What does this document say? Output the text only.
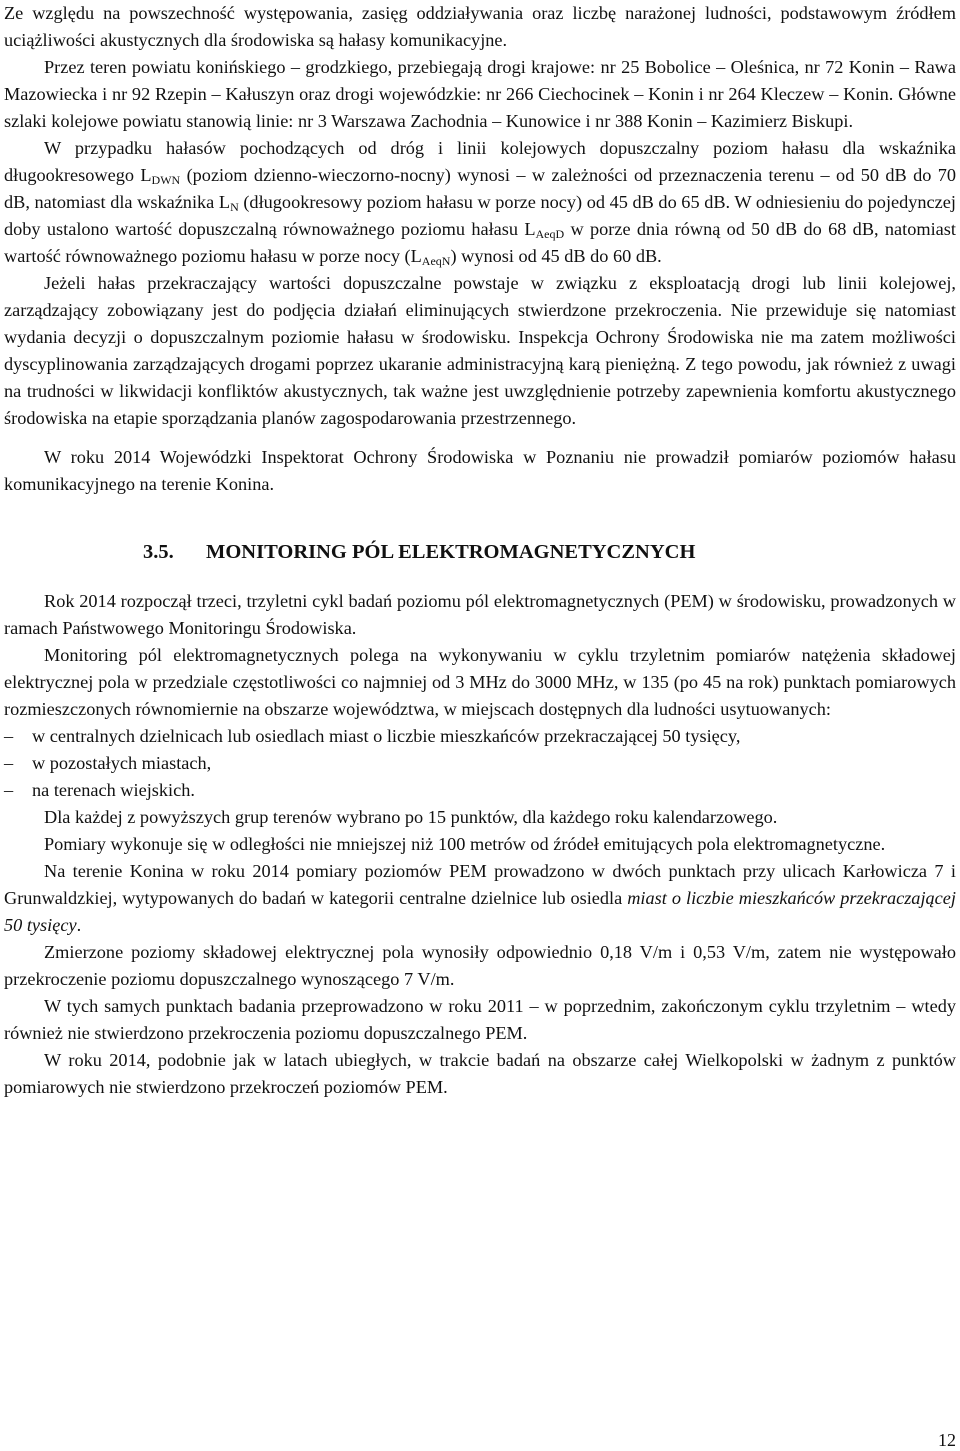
Ze względu na powszechność występowania, zasięg oddziaływania oraz liczbę narażonej ludności, podstawowym źródłem uciążliwości akustycznych dla środowiska są hałasy komunikacyjne.

Przez teren powiatu konińskiego – grodzkiego, przebiegają drogi krajowe: nr 25 Bobolice – Oleśnica, nr 72 Konin – Rawa Mazowiecka i nr 92 Rzepin – Kałuszyn oraz drogi wojewódzkie: nr 266 Ciechocinek – Konin i nr 264 Kleczew – Konin. Główne szlaki kolejowe powiatu stanowią linie: nr 3 Warszawa Zachodnia – Kunowice i nr 388 Konin – Kazimierz Biskupi.

W przypadku hałasów pochodzących od dróg i linii kolejowych dopuszczalny poziom hałasu dla wskaźnika długookresowego $L_{DWN}$ (poziom dzienno-wieczorno-nocny) wynosi – w zależności od przeznaczenia terenu – od 50 dB do 70 dB, natomiast dla wskaźnika $L_N$ (długookresowy poziom hałasu w porze nocy) od 45 dB do 65 dB. W odniesieniu do pojedynczej doby ustalono wartość dopuszczalną równoważnego poziomu hałasu $L_{AeqD}$ w porze dnia równą od 50 dB do 68 dB, natomiast wartość równoważnego poziomu hałasu w porze nocy $(L_{AeqN})$ wynosi od 45 dB do 60 dB.

Jeżeli hałas przekraczający wartości dopuszczalne powstaje w związku z eksploatacją drogi lub linii kolejowej, zarządzający zobowiązany jest do podjęcia działań eliminujących stwierdzone przekroczenia. Nie przewiduje się natomiast wydania decyzji o dopuszczalnym poziomie hałasu w środowisku. Inspekcja Ochrony Środowiska nie ma zatem możliwości dyscyplinowania zarządzających drogami poprzez ukaranie administracyjną karą pieniężną. Z tego powodu, jak również z uwagi na trudności w likwidacji konfliktów akustycznych, tak ważne jest uwzględnienie potrzeby zapewnienia komfortu akustycznego środowiska na etapie sporządzania planów zagospodarowania przestrzennego.

W roku 2014 Wojewódzki Inspektorat Ochrony Środowiska w Poznaniu nie prowadził pomiarów poziomów hałasu komunikacyjnego na terenie Konina.

3.5. MONITORING PÓL ELEKTROMAGNETYCZNYCH

Rok 2014 rozpoczął trzeci, trzyletni cykl badań poziomu pól elektromagnetycznych (PEM) w środowisku, prowadzonych w ramach Państwowego Monitoringu Środowiska.

Monitoring pól elektromagnetycznych polega na wykonywaniu w cyklu trzyletnim pomiarów natężenia składowej elektrycznej pola w przedziale częstotliwości co najmniej od 3 MHz do 3000 MHz, w 135 (po 45 na rok) punktach pomiarowych rozmieszczonych równomiernie na obszarze województwa, w miejscach dostępnych dla ludności usytuowanych:

– w centralnych dzielnicach lub osiedlach miast o liczbie mieszkańców przekraczającej 50 tysięcy,
– w pozostałych miastach,
– na terenach wiejskich.

Dla każdej z powyższych grup terenów wybrano po 15 punktów, dla każdego roku kalendarzowego.

Pomiary wykonuje się w odległości nie mniejszej niż 100 metrów od źródeł emitujących pola elektromagnetyczne.

Na terenie Konina w roku 2014 pomiary poziomów PEM prowadzono w dwóch punktach przy ulicach Karłowicza 7 i Grunwaldzkiej, wytypowanych do badań w kategorii centralne dzielnice lub osiedla miast o liczbie mieszkańców przekraczającej 50 tysięcy.

Zmierzone poziomy składowej elektrycznej pola wynosiły odpowiednio 0,18 V/m i 0,53 V/m, zatem nie występowało przekroczenie poziomu dopuszczalnego wynoszącego 7 V/m.

W tych samych punktach badania przeprowadzono w roku 2011 – w poprzednim, zakończonym cyklu trzyletnim – wtedy również nie stwierdzono przekroczenia poziomu dopuszczalnego PEM.

W roku 2014, podobnie jak w latach ubiegłych, w trakcie badań na obszarze całej Wielkopolski w żadnym z punktów pomiarowych nie stwierdzono przekroczeń poziomów PEM.

12
